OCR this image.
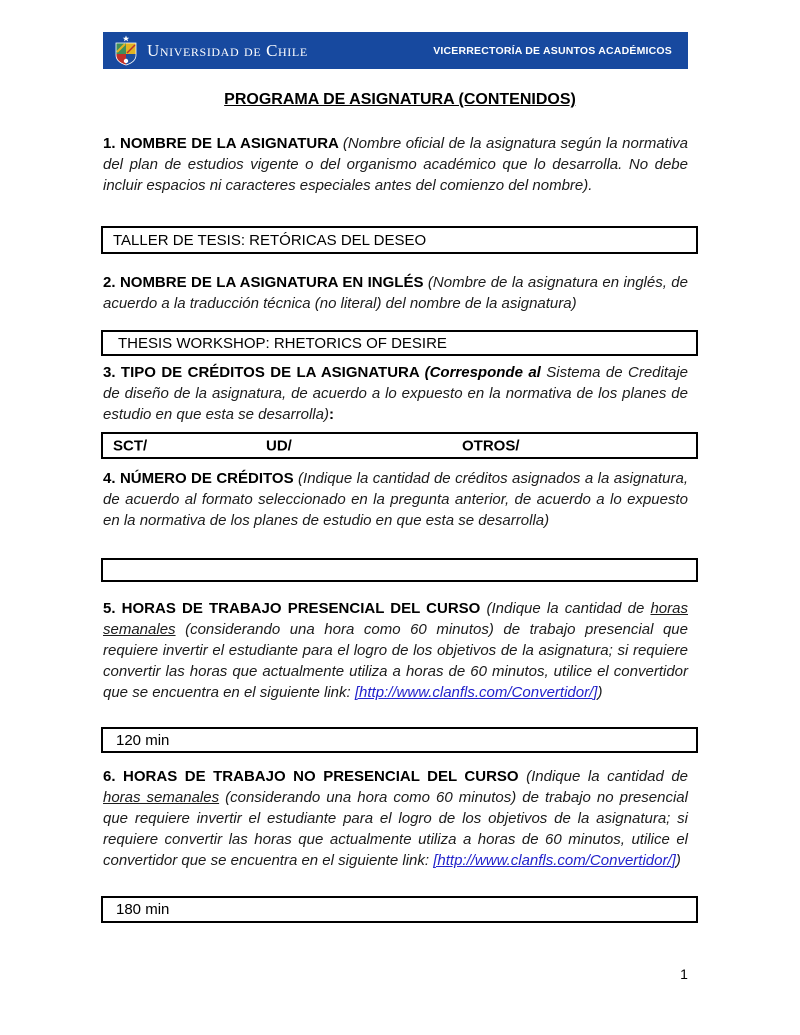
Universidad de Chile	VICERRECTORÍA DE ASUNTOS ACADÉMICOS
PROGRAMA DE ASIGNATURA (CONTENIDOS)

1. NOMBRE DE LA ASIGNATURA (Nombre oficial de la asignatura según la normativa del plan de estudios vigente o del organismo académico que lo desarrolla. No debe incluir espacios ni caracteres especiales antes del comienzo del nombre).

TALLER DE TESIS: RETÓRICAS DEL DESEO

2. NOMBRE DE LA ASIGNATURA EN INGLÉS (Nombre de la asignatura en inglés, de acuerdo a la traducción técnica (no literal) del nombre de la asignatura)

THESIS WORKSHOP: RHETORICS OF DESIRE

3. TIPO DE CRÉDITOS DE LA ASIGNATURA (Corresponde al Sistema de Creditaje de diseño de la asignatura, de acuerdo a lo expuesto en la normativa de los planes de estudio en que esta se desarrolla):

SCT/	UD/	OTROS/

4. NÚMERO DE CRÉDITOS (Indique la cantidad de créditos asignados a la asignatura, de acuerdo al formato seleccionado en la pregunta anterior, de acuerdo a lo expuesto en la normativa de los planes de estudio en que esta se desarrolla)

5. HORAS DE TRABAJO PRESENCIAL DEL CURSO (Indique la cantidad de horas semanales (considerando una hora como 60 minutos) de trabajo presencial que requiere invertir el estudiante para el logro de los objetivos de la asignatura; si requiere convertir las horas que actualmente utiliza a horas de 60 minutos, utilice el convertidor que se encuentra en el siguiente link: [http://www.clanfls.com/Convertidor/])

120 min

6. HORAS DE TRABAJO NO PRESENCIAL DEL CURSO (Indique la cantidad de horas semanales (considerando una hora como 60 minutos) de trabajo no presencial que requiere invertir el estudiante para el logro de los objetivos de la asignatura; si requiere convertir las horas que actualmente utiliza a horas de 60 minutos, utilice el convertidor que se encuentra en el siguiente link: [http://www.clanfls.com/Convertidor/])

180 min
1
